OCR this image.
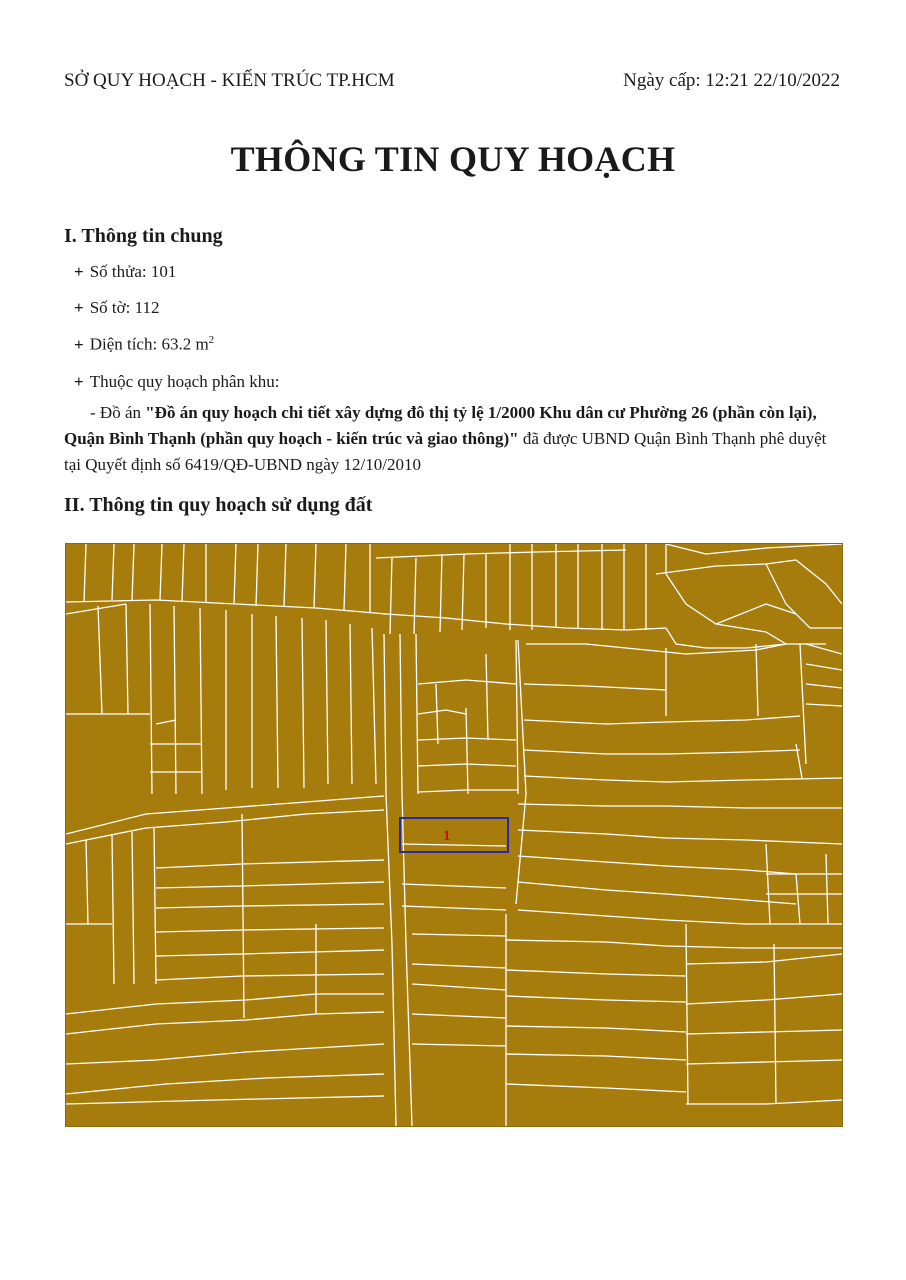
SỞ QUY HOẠCH - KIẾN TRÚC TP.HCM	Ngày cấp: 12:21 22/10/2022
THÔNG TIN QUY HOẠCH
I. Thông tin chung
+ Số thửa: 101
+ Số tờ: 112
+ Diện tích: 63.2 $m^2$
+ Thuộc quy hoạch phân khu:
- Đồ án "Đồ án quy hoạch chi tiết xây dựng đô thị tỷ lệ 1/2000 Khu dân cư Phường 26 (phần còn lại), Quận Bình Thạnh (phần quy hoạch - kiến trúc và giao thông)" đã được UBND Quận Bình Thạnh phê duyệt tại Quyết định số 6419/QĐ-UBND ngày 12/10/2010
II. Thông tin quy hoạch sử dụng đất
1
